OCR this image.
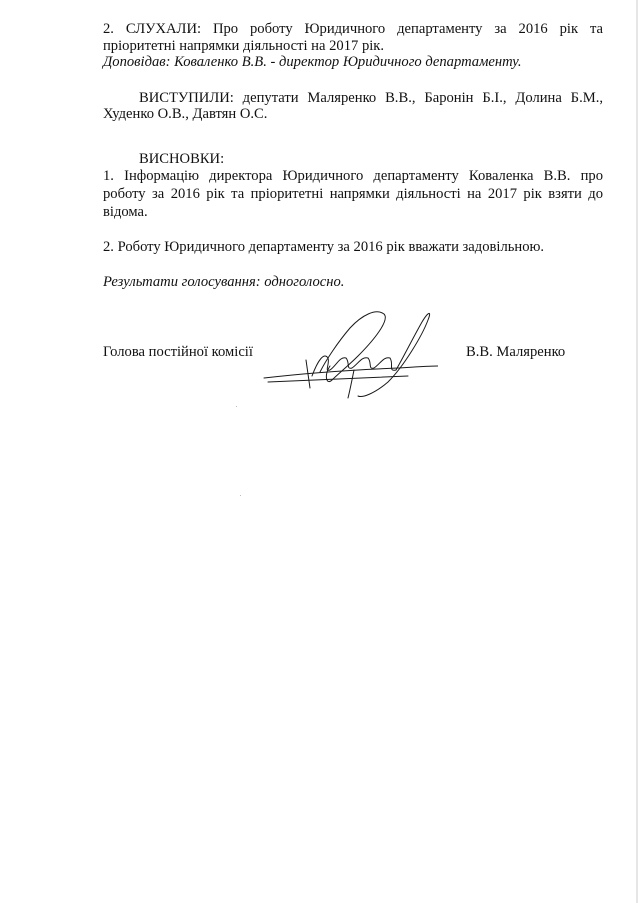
2. СЛУХАЛИ: Про роботу Юридичного департаменту за 2016 рік та
пріоритетні напрямки діяльності на 2017 рік.
Доповідав: Коваленко В.В. - директор Юридичного департаменту.
ВИСТУПИЛИ: депутати Маляренко В.В., Баронін Б.І., Долина Б.М.,
Худенко О.В., Давтян О.С.
ВИСНОВКИ:
1. Інформацію директора Юридичного департаменту Коваленка В.В. про
роботу за 2016 рік та пріоритетні напрямки діяльності на 2017 рік взяти до
відома.
2. Роботу Юридичного департаменту за 2016 рік вважати задовільною.
Результати голосування: одноголосно.
Голова постійної комісії	В.В. Маляренко
